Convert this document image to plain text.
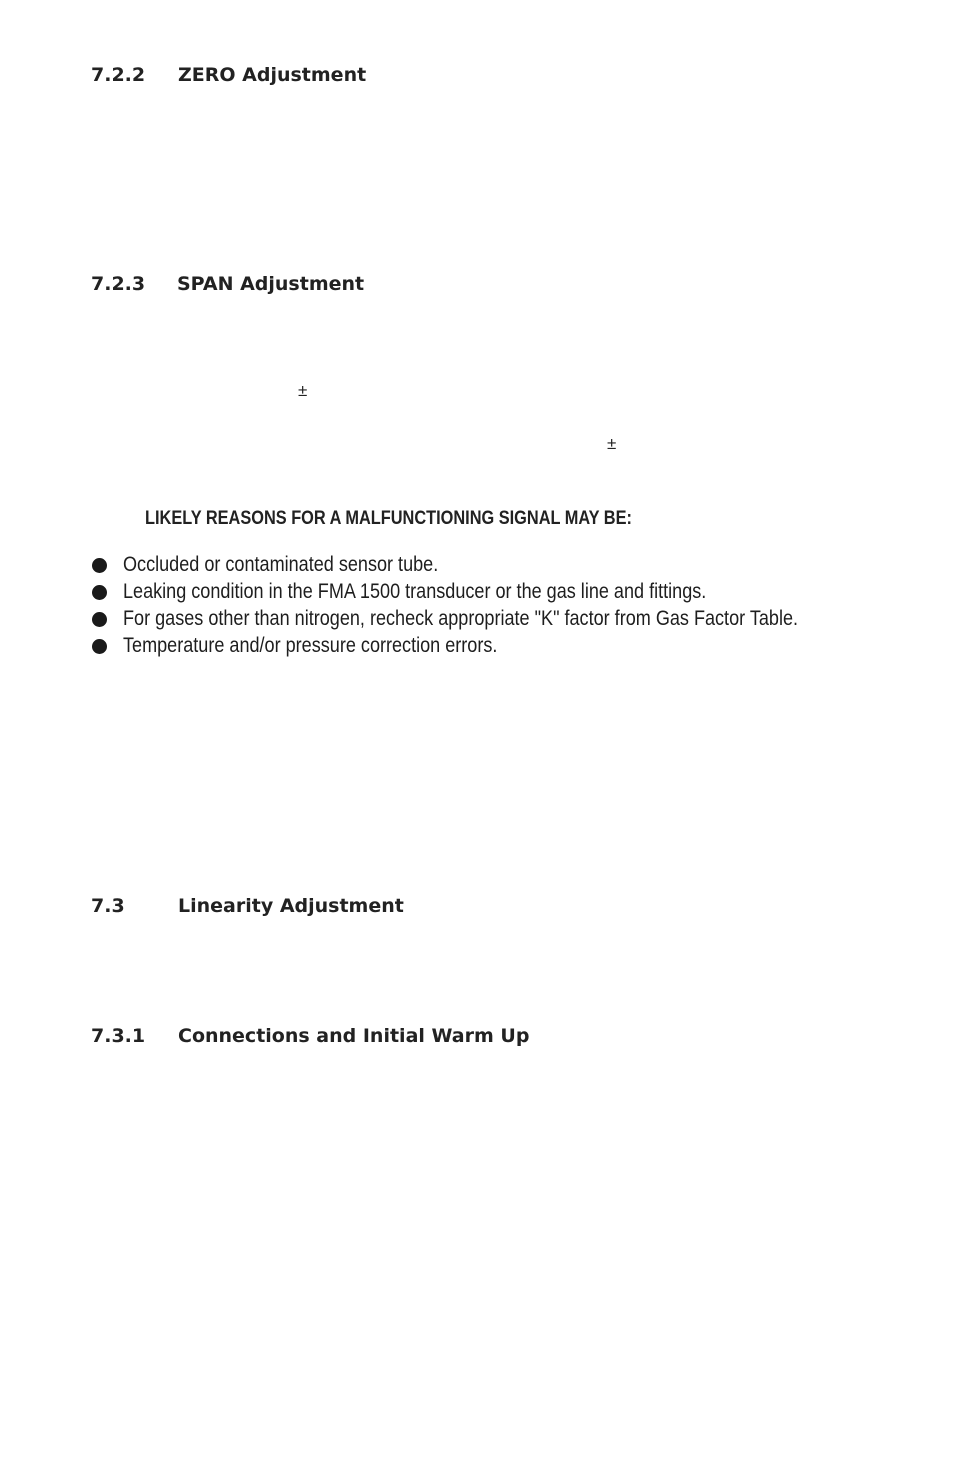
7.2.2 ZERO Adjustment
7.2.3 SPAN Adjustment
±
±
LIKELY REASONS FOR A MALFUNCTIONING SIGNAL MAY BE:
Occluded or contaminated sensor tube.
Leaking condition in the FMA 1500 transducer or the gas line and fittings.
For gases other than nitrogen, recheck appropriate "K" factor from Gas Factor Table.
Temperature and/or pressure correction errors.
7.3	Linearity Adjustment
7.3.1 Connections and Initial Warm Up
